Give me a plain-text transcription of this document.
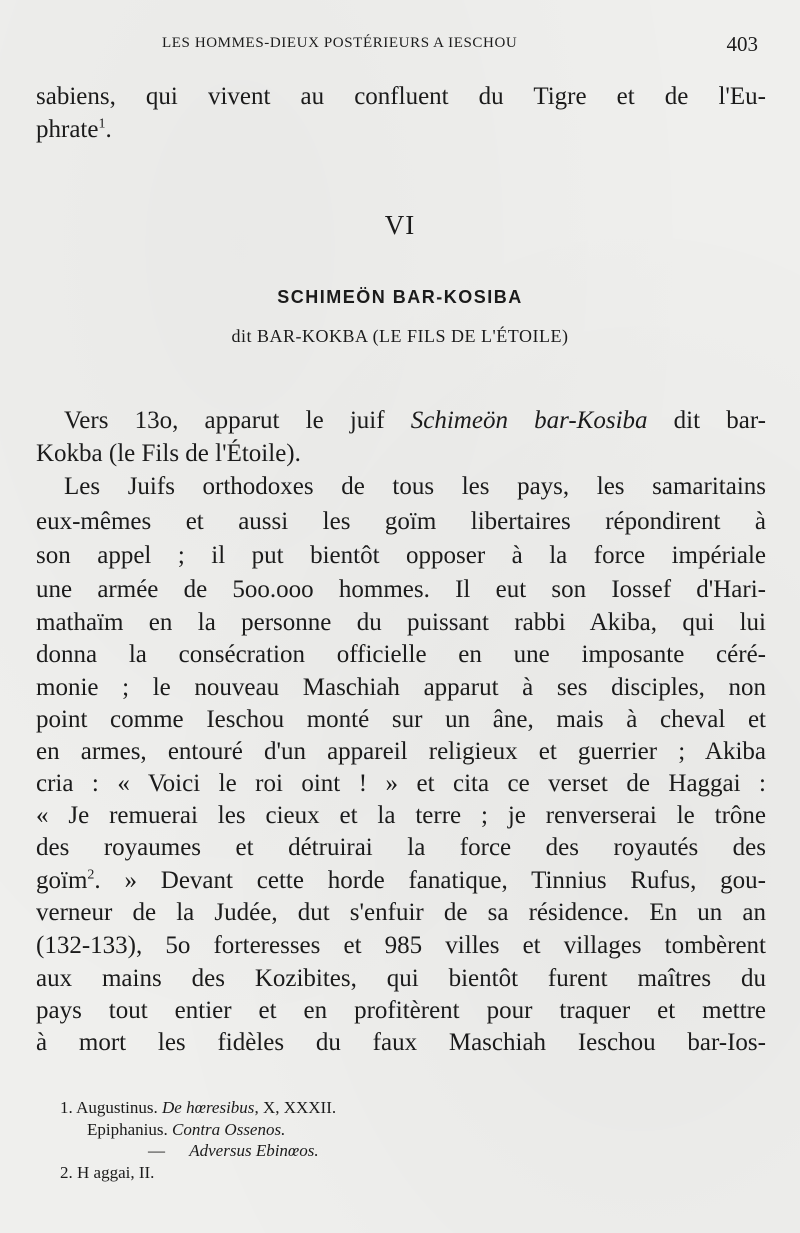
LES HOMMES-DIEUX POSTÉRIEURS A IESCHOU	403
sabiens, qui vivent au confluent du Tigre et de l'Eu-
phrate$^1$.
VI
SCHIMEÖN BAR-KOSIBA
dit BAR-KOKBA (LE FILS DE L'ÉTOILE)
Vers 13o, apparut le juif Schimeön bar-Kosiba dit bar-
Kokba (le Fils de l'Étoile).
Les Juifs orthodoxes de tous les pays, les samaritains
eux-mêmes et aussi les goïm libertaires répondirent à
son appel ; il put bientôt opposer à la force impériale
une armée de 5oo.ooo hommes. Il eut son Iossef d'Hari-
mathaïm en la personne du puissant rabbi Akiba, qui lui
donna la consécration officielle en une imposante céré-
monie ; le nouveau Maschiah apparut à ses disciples, non
point comme Ieschou monté sur un âne, mais à cheval et
en armes, entouré d'un appareil religieux et guerrier ; Akiba
cria : « Voici le roi oint ! » et cita ce verset de Haggai :
« Je remuerai les cieux et la terre ; je renverserai le trône
des royaumes et détruirai la force des royautés des
goïm$^2$. » Devant cette horde fanatique, Tinnius Rufus, gou-
verneur de la Judée, dut s'enfuir de sa résidence. En un an
(132-133), 5o forteresses et 985 villes et villages tombèrent
aux mains des Kozibites, qui bientôt furent maîtres du
pays tout entier et en profitèrent pour traquer et mettre
à mort les fidèles du faux Maschiah Ieschou bar-Ios-
1. Augustinus. De hœresibus, X, XXXII.
Epiphanius. Contra Ossenos.
— Adversus Ebinœos.
2. H aggai, II.
